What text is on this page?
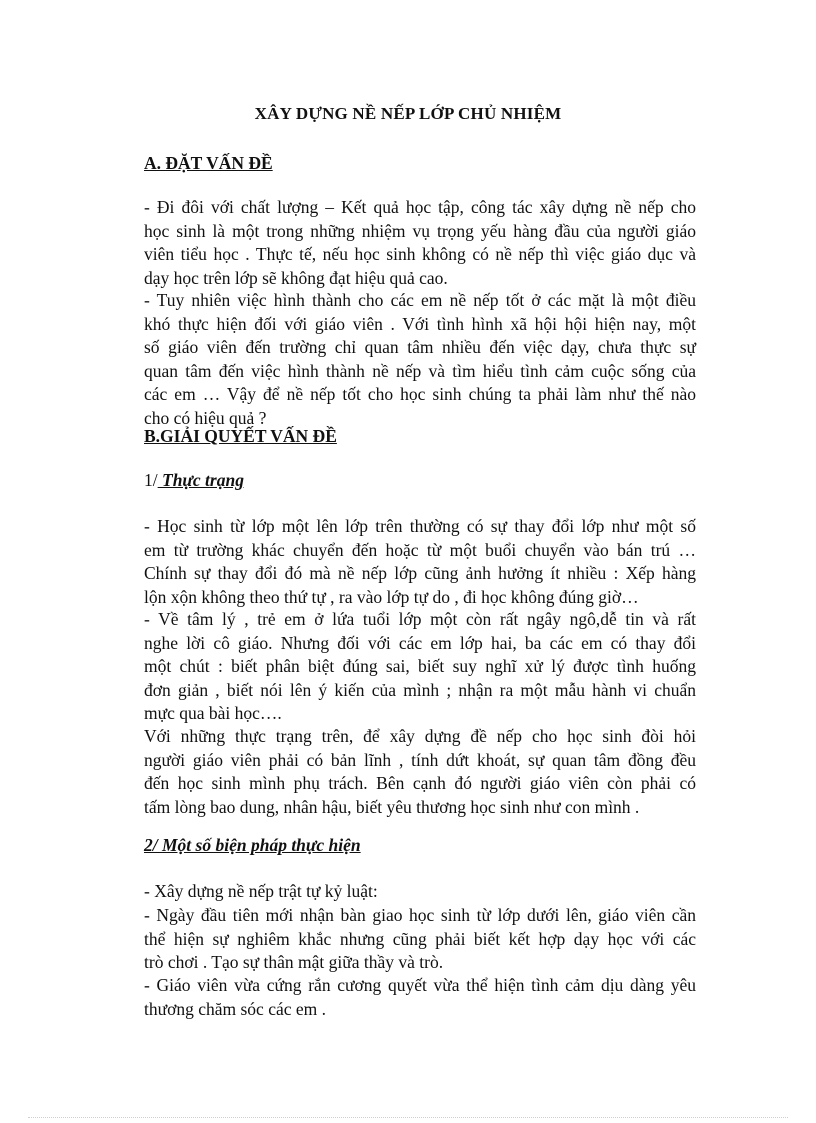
XÂY DỰNG NỀ NẾP LỚP CHỦ NHIỆM
A. ĐẶT VẤN ĐỀ
- Đi đôi với chất lượng – Kết quả học tập, công tác xây dựng nề nếp cho
học sinh là một trong những nhiệm vụ trọng yếu hàng đầu của người giáo
viên tiểu học . Thực tế, nếu học sinh không có nề nếp thì việc giáo dục và
dạy học trên lớp sẽ không đạt hiệu quả cao.
- Tuy nhiên việc hình thành cho các em nề nếp tốt ở các mặt là một điều
khó thực hiện đối với giáo viên . Với tình hình xã hội hội hiện nay, một
số giáo viên đến trường chỉ quan tâm nhiều đến việc dạy, chưa thực sự
quan tâm đến việc hình thành nề nếp và tìm hiểu tình cảm cuộc sống của
các em … Vậy để nề nếp tốt cho học sinh chúng ta phải làm như thế nào
cho có hiệu quả ?
B.GIẢI QUYẾT VẤN ĐỀ
1/ Thực trạng
- Học sinh từ lớp một lên lớp trên thường có sự thay đổi lớp như một số
em từ trường khác chuyển đến hoặc từ một buổi chuyển vào bán trú …
Chính sự thay đổi đó mà nề nếp lớp cũng ảnh hưởng ít nhiều : Xếp hàng
lộn xộn không theo thứ tự , ra vào lớp tự do , đi học không đúng giờ…
- Về tâm lý , trẻ em ở lứa tuổi lớp một còn rất ngây ngô,dễ tin và rất
nghe lời cô giáo. Nhưng đối với các em lớp hai, ba các em có thay đổi
một chút : biết phân biệt đúng sai, biết suy nghĩ xử lý được tình huống
đơn giản , biết nói lên ý kiến của mình ; nhận ra một mẫu hành vi chuẩn
mực qua bài học….
Với những thực trạng trên, để xây dựng đề nếp cho học sinh đòi hỏi
người giáo viên phải có bản lĩnh , tính dứt khoát, sự quan tâm đồng đều
đến học sinh mình phụ trách. Bên cạnh đó người giáo viên còn phải có
tấm lòng bao dung, nhân hậu, biết yêu thương học sinh như con mình .
2/ Một số biện pháp thực hiện
- Xây dựng nề nếp trật tự kỷ luật:
- Ngày đầu tiên mới nhận bàn giao học sinh từ lớp dưới lên, giáo viên cần
thể hiện sự nghiêm khắc nhưng cũng phải biết kết hợp dạy học với các
trò chơi . Tạo sự thân mật giữa thầy và trò.
- Giáo viên vừa cứng rắn cương quyết vừa thể hiện tình cảm dịu dàng yêu
thương chăm sóc các em .
